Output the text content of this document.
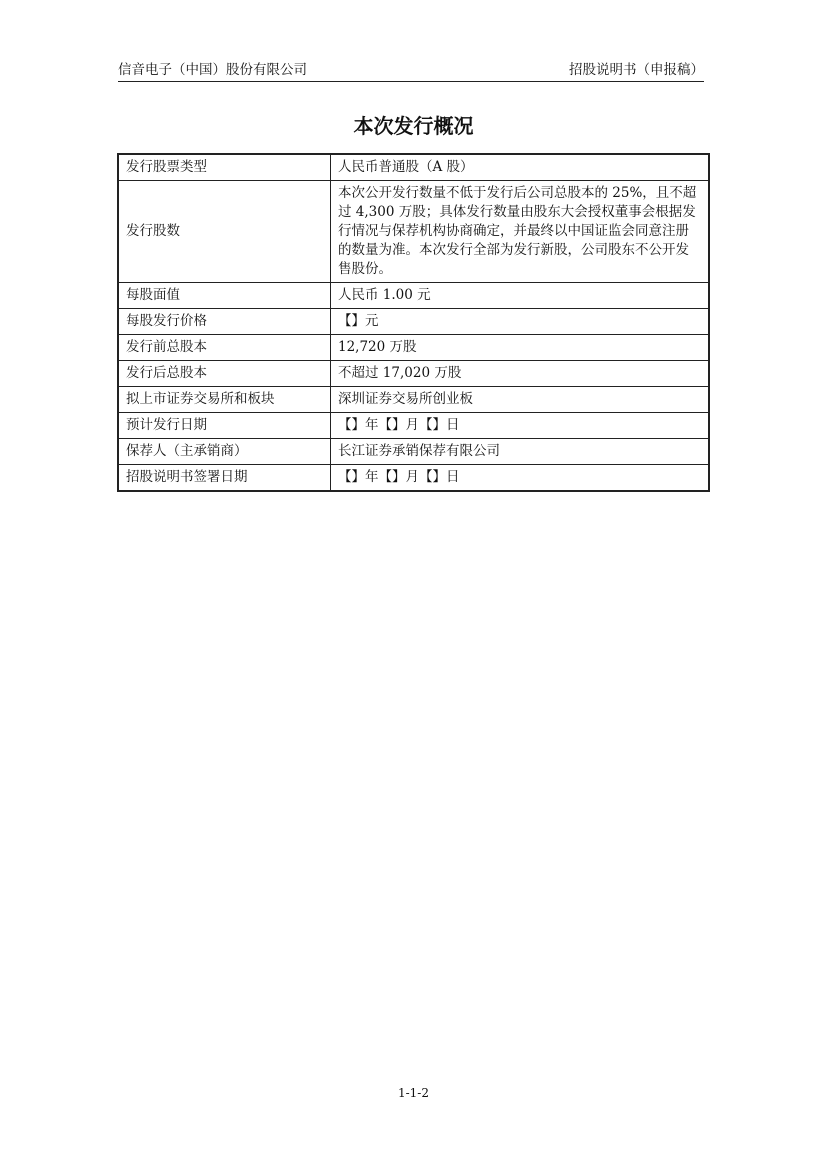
信音电子（中国）股份有限公司	招股说明书（申报稿）
本次发行概况
发行股票类型	人民币普通股（A 股）
发行股数	本次公开发行数量不低于发行后公司总股本的 25%，且不超过 4,300 万股；具体发行数量由股东大会授权董事会根据发行情况与保荐机构协商确定，并最终以中国证监会同意注册的数量为准。本次发行全部为发行新股，公司股东不公开发售股份。
每股面值	人民币 1.00 元
每股发行价格	【】元
发行前总股本	12,720 万股
发行后总股本	不超过 17,020 万股
拟上市证券交易所和板块	深圳证券交易所创业板
预计发行日期	【】年【】月【】日
保荐人（主承销商）	长江证券承销保荐有限公司
招股说明书签署日期	【】年【】月【】日
1-1-2
